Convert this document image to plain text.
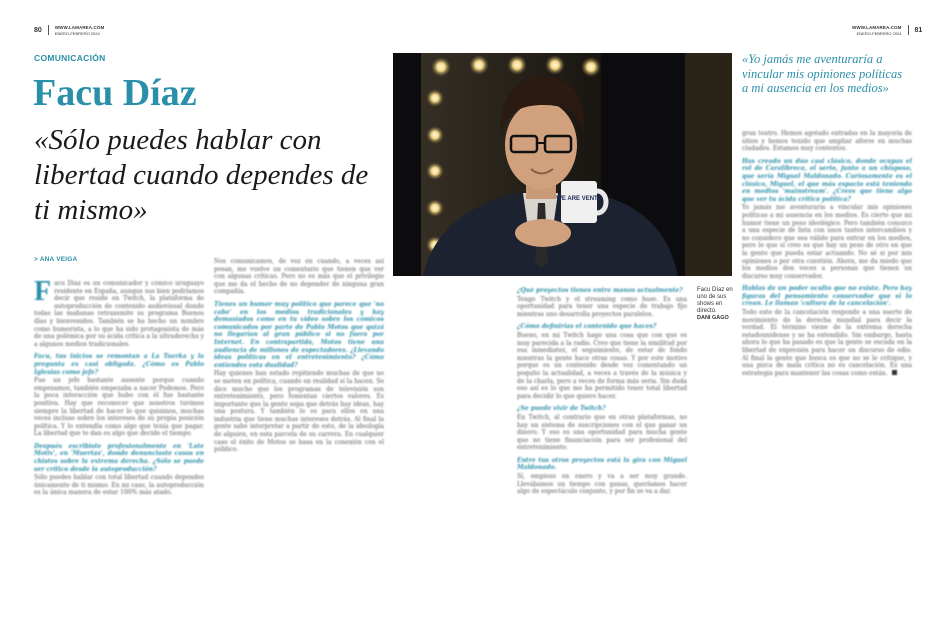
80	WWW.LAMAREA.COM
ENERO-FEBRERO 2024
WWW.LAMAREA.COM
ENERO-FEBRERO 2024 81
COMUNICACIÓN
Facu Díaz
«Sólo puedes hablar con libertad cuando dependes de ti mismo»
> ANA VEIGA
F acu Díaz es un comunicador y cómico uruguayo residente en España, aunque sus bien podríamos decir que reside en Twitch, la plataforma de autoproducción de contenido audiovisual donde todas las mañanas retransmite su programa Buenos días y bienvenidos. También se ha hecho un nombre como humorista, a lo que ha sido protagonista de más de una polémica por su ácida crítica a la ultraderecha y a algunos medios tradicionales.
Facu, tus inicios se remontan a La Tuerka y la pregunta es casi obligada. ¿Cómo es Pablo Iglesias como jefe?
Fue un jefe bastante ausente porque cuando empezamos, también empezaba a nacer Podemos. Pero la poca interacción que hubo con él fue bastante positiva. Hay que reconocer que nosotros tuvimos siempre la libertad de hacer lo que quisimos, muchas veces incluso sobre los intereses de su propia posición política. Y lo entendía como algo que tenía que pagar. La libertad que te dan es algo que decide el tiempo.
Después escribiste profesionalmente en 'Late Motiv', en 'Muertas', donde denunciaste casos en chistes sobre la extrema derecha. ¿Sólo se puede ser crítico desde la autoproducción?
Sólo puedes hablar con total libertad cuando dependes únicamente de ti mismo. En mi caso, la autoproducción es la única manera de estar 100% más atado.
Nos comunicamos, de vez en cuando, a veces así pesan, me vuelve un comentario que tienen que ver con algunas críticas. Pero no es más que el privilegio que me da el hecho de no depender de ninguna gran compañía.
Tienes un humor muy político que parece que 'no cabe' en los medios tradicionales y hay demasiados como en tu vídeo sobre los cómicos comunicados por parte de Pablo Motos que quizá no llegarían al gran público si no fuera por Internet. En contrapartida, Motos tiene una audiencia de millones de espectadores. ¿Llevando ideas políticas en el entretenimiento? ¿Cómo entiendes esta dualidad?
Hay quienes han estado repitiendo muchas de que no se meten en política, cuando en realidad sí la hacen. Se dice mucho que los programas de televisión son entretenimiento, pero fomentan ciertos valores. Es importante que la gente sepa que detrás hay ideas, hay una postura. Y también lo es para ellos en una industria que tiene muchas intereses detrás. Al final la gente sabe interpretar a partir de esto, de la ideología de alguien, en esta parcela de su carrera. En cualquier caso el éxito de Motos se basa en la conexión con el público.
WE ARE VENTE
Facu Díaz en uno de sus shows en directo.
DANI GAGO
¿Qué proyectos tienes entre manos actualmente?
Tengo Twitch y el streaming como base. Es una oportunidad para tener una especie de trabajo fijo mientras uno desarrolla proyectos paralelos.
¿Cómo definirías el contenido que haces?
Bueno, en mi Twitch hago una cosa que con que es muy parecida a la radio. Creo que tiene la similitud por esa inmediatez, el seguimiento, de estar de fondo mientras la gente hace otras cosas. Y por este motivo porque es un contenido desde voz comentando un poquito la actualidad, a veces a través de la música y de la charla, pero a veces de forma más seria. Sin duda eso así es lo que me ha permitido tener total libertad para decidir lo que quiero hacer.
¿Se puede vivir de Twitch?
En Twitch, al contrario que en otras plataformas, no hay un sistema de suscripciones con el que ganar un dinero. Y eso es una oportunidad para mucha gente que no tiene financiación para ser profesional del entretenimiento.
Entre tus otros proyectos está la gira con Miguel Maldonado.
Sí, empiezo en enero y va a ser muy grande. Llevábamos un tiempo con ganas, queríamos hacer algo de espectáculo conjunto, y por fin se va a dar.
«Yo jamás me aventuraría a vincular mis opiniones políticas a mi ausencia en los medios»
gran teatro. Hemos agotado entradas en la mayoría de sitios y hemos tenido que ampliar aforos en muchas ciudades. Estamos muy contentos.
Has creado un dúo casi clásico, donde ocupas el rol de Caralibreca, el serio, junto a un chisposo, que sería Miguel Maldonado. Curiosamente es el clásico, Miguel, el que más espacio está teniendo en medios 'mainstream'. ¿Crees que tiene algo que ver tu ácida crítica política?
Yo jamás me aventuraría a vincular mis opiniones políticas a mi ausencia en los medios. Es cierto que mi humor tiene un peso ideológico. Pero también conozco a una especie de lista con unos tantos intercambios y no considero que sea válido para entrar en los medios, pero lo que sí creo es que hay un peso de otro en que la gente que pueda estar actuando. No sé si por mis opiniones o por otra cuestión. Ahora, me da miedo que los medios den voces a personas que tienen un discurso muy conservador.
Hablas de un poder oculto que no existe. Pero hay figuras del pensamiento conservador que sí lo crean. Le llaman 'cultura de la cancelación'.
Todo esto de la cancelación responde a una suerte de movimiento de la derecha mundial para decir la verdad. El término viene de la extrema derecha estadounidense y se ha extendido. Sin embargo, hasta ahora lo que ha pasado es que la gente se escuda en la libertad de expresión para hacer un discurso de odio. Al final la gente que busca es que no se le critique, y una pizca de mala crítica no es cancelación. Es una estrategia para mantener las cosas como están.
